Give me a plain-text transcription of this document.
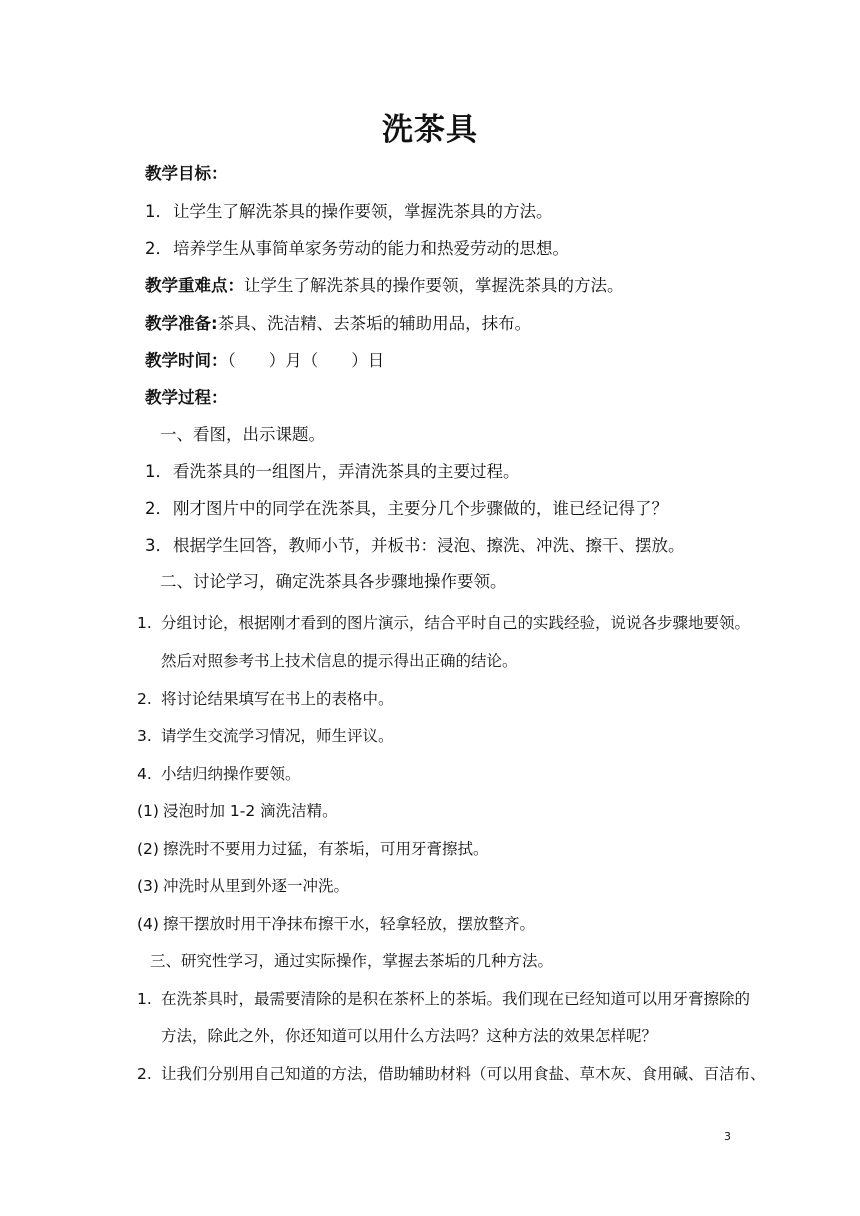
洗茶具
教学目标：
1．让学生了解洗茶具的操作要领，掌握洗茶具的方法。
2．培养学生从事简单家务劳动的能力和热爱劳动的思想。
教学重难点：让学生了解洗茶具的操作要领，掌握洗茶具的方法。
教学准备:茶具、洗洁精、去茶垢的辅助用品，抹布。
教学时间：（　　）月（　　）日
教学过程：
一、看图，出示课题。
1．看洗茶具的一组图片，弄清洗茶具的主要过程。
2．刚才图片中的同学在洗茶具，主要分几个步骤做的，谁已经记得了？
3．根据学生回答，教师小节，并板书：浸泡、擦洗、冲洗、擦干、摆放。
二、讨论学习，确定洗茶具各步骤地操作要领。
1. 分组讨论，根据刚才看到的图片演示，结合平时自己的实践经验，说说各步骤地要领。
然后对照参考书上技术信息的提示得出正确的结论。
2. 将讨论结果填写在书上的表格中。
3. 请学生交流学习情况，师生评议。
4. 小结归纳操作要领。
(1) 浸泡时加 1-2 滴洗洁精。
(2) 擦洗时不要用力过猛，有茶垢，可用牙膏擦拭。
(3) 冲洗时从里到外逐一冲洗。
(4) 擦干摆放时用干净抹布擦干水，轻拿轻放，摆放整齐。
三、研究性学习，通过实际操作，掌握去茶垢的几种方法。
1. 在洗茶具时，最需要清除的是积在茶杯上的茶垢。我们现在已经知道可以用牙膏擦除的
方法，除此之外，你还知道可以用什么方法吗？这种方法的效果怎样呢？
2. 让我们分别用自己知道的方法，借助辅助材料（可以用食盐、草木灰、食用碱、百洁布、
3
